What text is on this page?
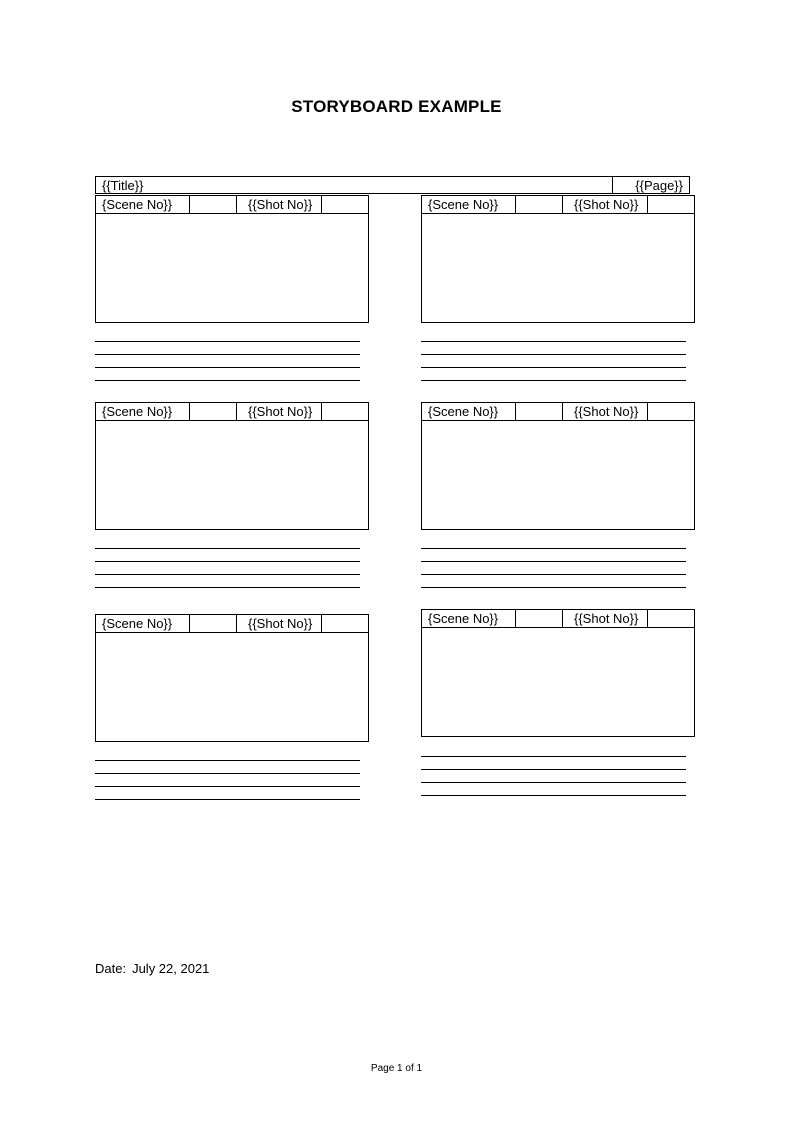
STORYBOARD EXAMPLE
{{Title}}	{{Page}}
{Scene No}}	{{Shot No}}	{Scene No}}	{{Shot No}}
{Scene No}}	{{Shot No}}	{Scene No}}	{{Shot No}}
{Scene No}}	{{Shot No}}	{Scene No}}	{{Shot No}}
Date: July 22, 2021
Page 1 of 1
